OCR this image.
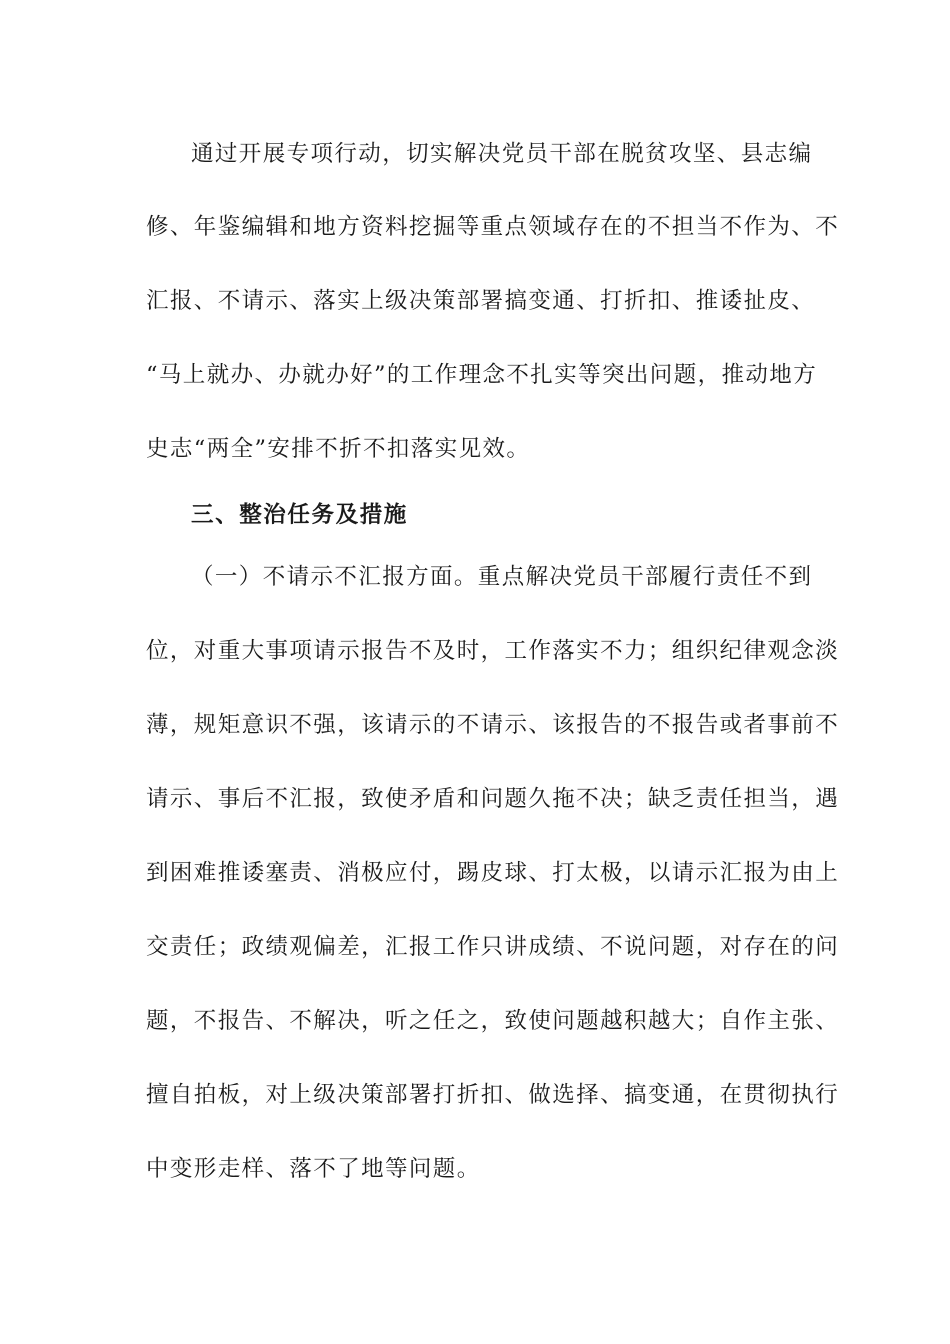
通过开展专项行动，切实解决党员干部在脱贫攻坚、县志编
修、年鉴编辑和地方资料挖掘等重点领域存在的不担当不作为、不
汇报、不请示、落实上级决策部署搞变通、打折扣、推诿扯皮、
“马上就办、办就办好”的工作理念不扎实等突出问题，推动地方
史志“两全”安排不折不扣落实见效。
三、整治任务及措施
（一）不请示不汇报方面。重点解决党员干部履行责任不到
位，对重大事项请示报告不及时，工作落实不力；组织纪律观念淡
薄，规矩意识不强，该请示的不请示、该报告的不报告或者事前不
请示、事后不汇报，致使矛盾和问题久拖不决；缺乏责任担当，遇
到困难推诿塞责、消极应付，踢皮球、打太极，以请示汇报为由上
交责任；政绩观偏差，汇报工作只讲成绩、不说问题，对存在的问
题，不报告、不解决，听之任之，致使问题越积越大；自作主张、
擅自拍板，对上级决策部署打折扣、做选择、搞变通，在贯彻执行
中变形走样、落不了地等问题。
